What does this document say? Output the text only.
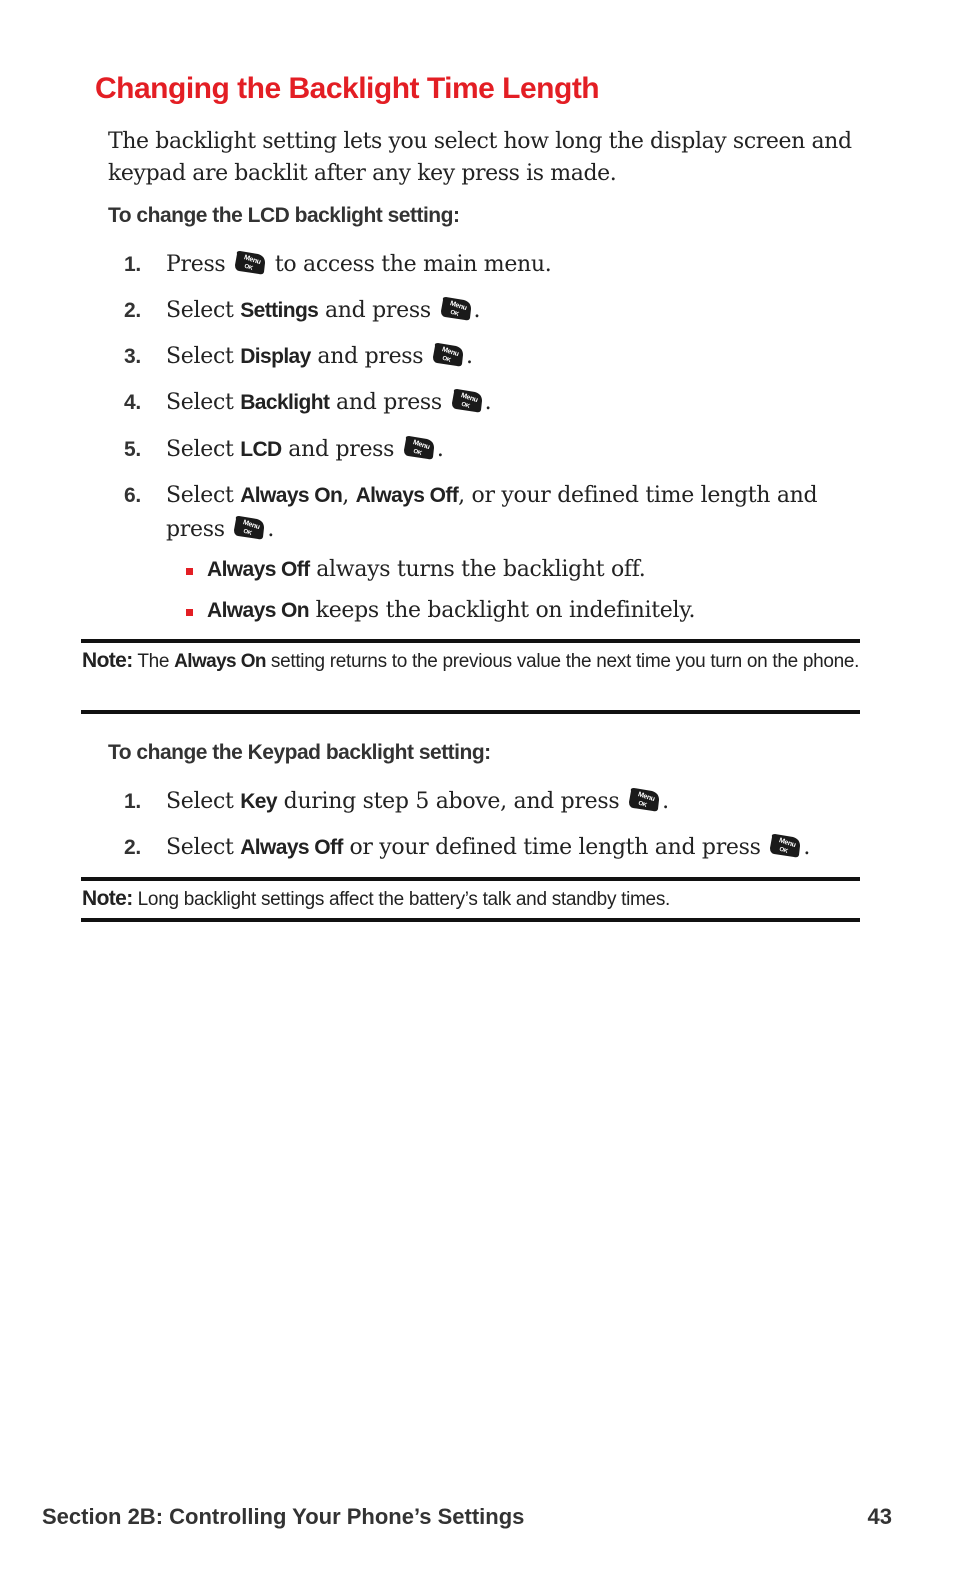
Changing the Backlight Time Length

The backlight setting lets you select how long the display screen and keypad are backlit after any key press is made.

To change the LCD backlight setting:

1.	Press	Menu
OK to access the main menu.
2.	Select Settings and press	Menu
OK .
3.	Select Display and press	Menu
OK .
4.	Select Backlight and press	Menu
OK .
5.	Select LCD and press	Menu
OK .
6.	Select Always On, Always Off, or your defined time length and
press	Menu
OK .
Always Off always turns the backlight off.
Always On keeps the backlight on indefinitely.

Note: The Always On setting returns to the previous value the next time you turn on the phone.

To change the Keypad backlight setting:

1.	Select Key during step 5 above, and press	Menu
OK .
2.	Select Always Off or your defined time length and press	Menu
OK .

Note: Long backlight settings affect the battery’s talk and standby times.

Section 2B: Controlling Your Phone’s Settings	43
